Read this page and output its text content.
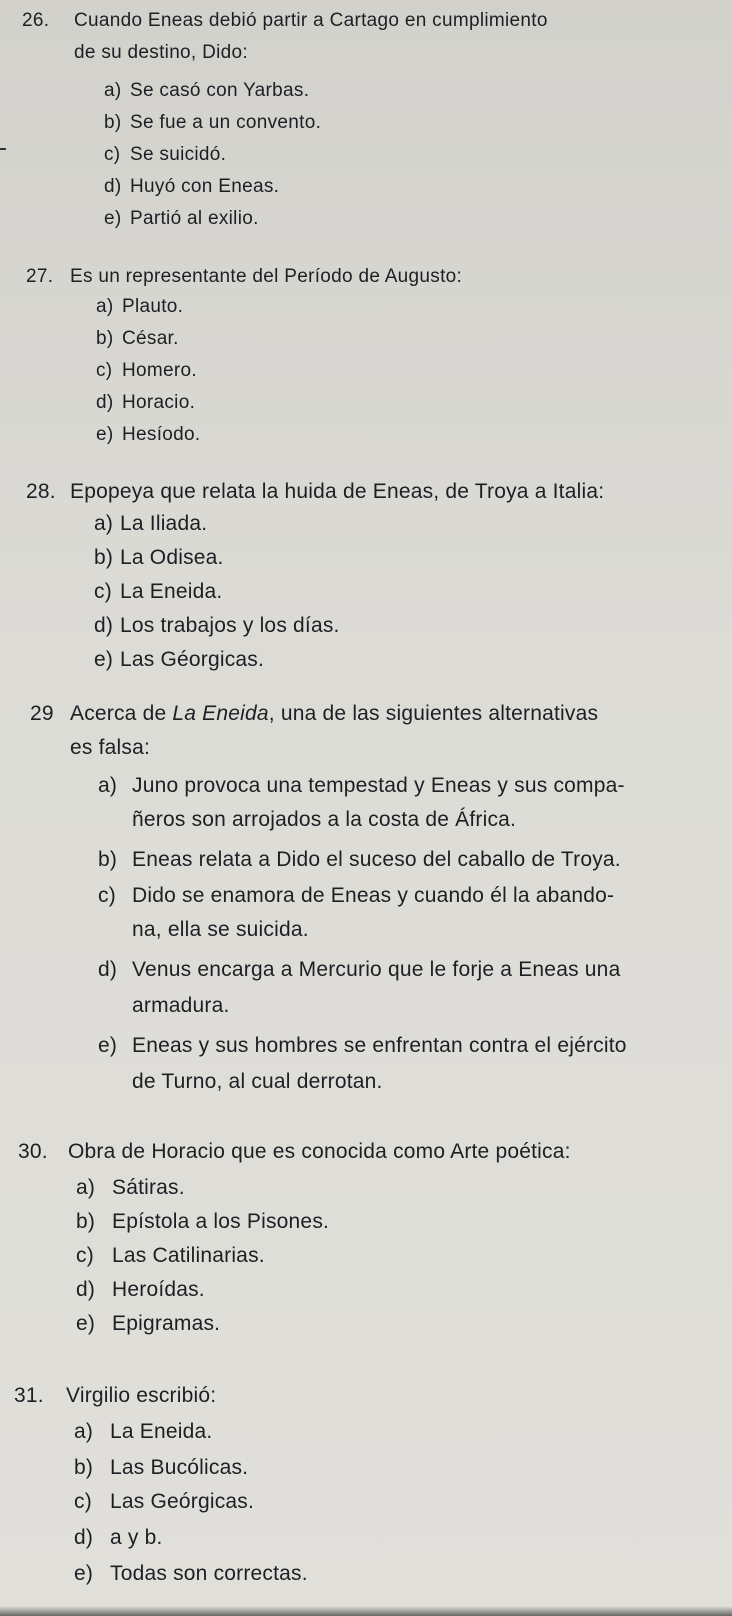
26. Cuando Eneas debió partir a Cartago en cumplimiento
de su destino, Dido:
a) Se casó con Yarbas.
b) Se fue a un convento.
c) Se suicidó.
d) Huyó con Eneas.
e) Partió al exilio.
27. Es un representante del Período de Augusto:
a) Plauto.
b) César.
c) Homero.
d) Horacio.
e) Hesíodo.
28. Epopeya que relata la huida de Eneas, de Troya a Italia:
a) La Iliada.
b) La Odisea.
c) La Eneida.
d) Los trabajos y los días.
e) Las Géorgicas.
29 Acerca de La Eneida, una de las siguientes alternativas
es falsa:
a) Juno provoca una tempestad y Eneas y sus compa-
ñeros son arrojados a la costa de África.
b) Eneas relata a Dido el suceso del caballo de Troya.
c) Dido se enamora de Eneas y cuando él la abando-
na, ella se suicida.
d) Venus encarga a Mercurio que le forje a Eneas una
armadura.
e) Eneas y sus hombres se enfrentan contra el ejército
de Turno, al cual derrotan.
30. Obra de Horacio que es conocida como Arte poética:
a) Sátiras.
b) Epístola a los Pisones.
c) Las Catilinarias.
d) Heroídas.
e) Epigramas.
31. Virgilio escribió:
a) La Eneida.
b) Las Bucólicas.
c) Las Geórgicas.
d) a y b.
e) Todas son correctas.
